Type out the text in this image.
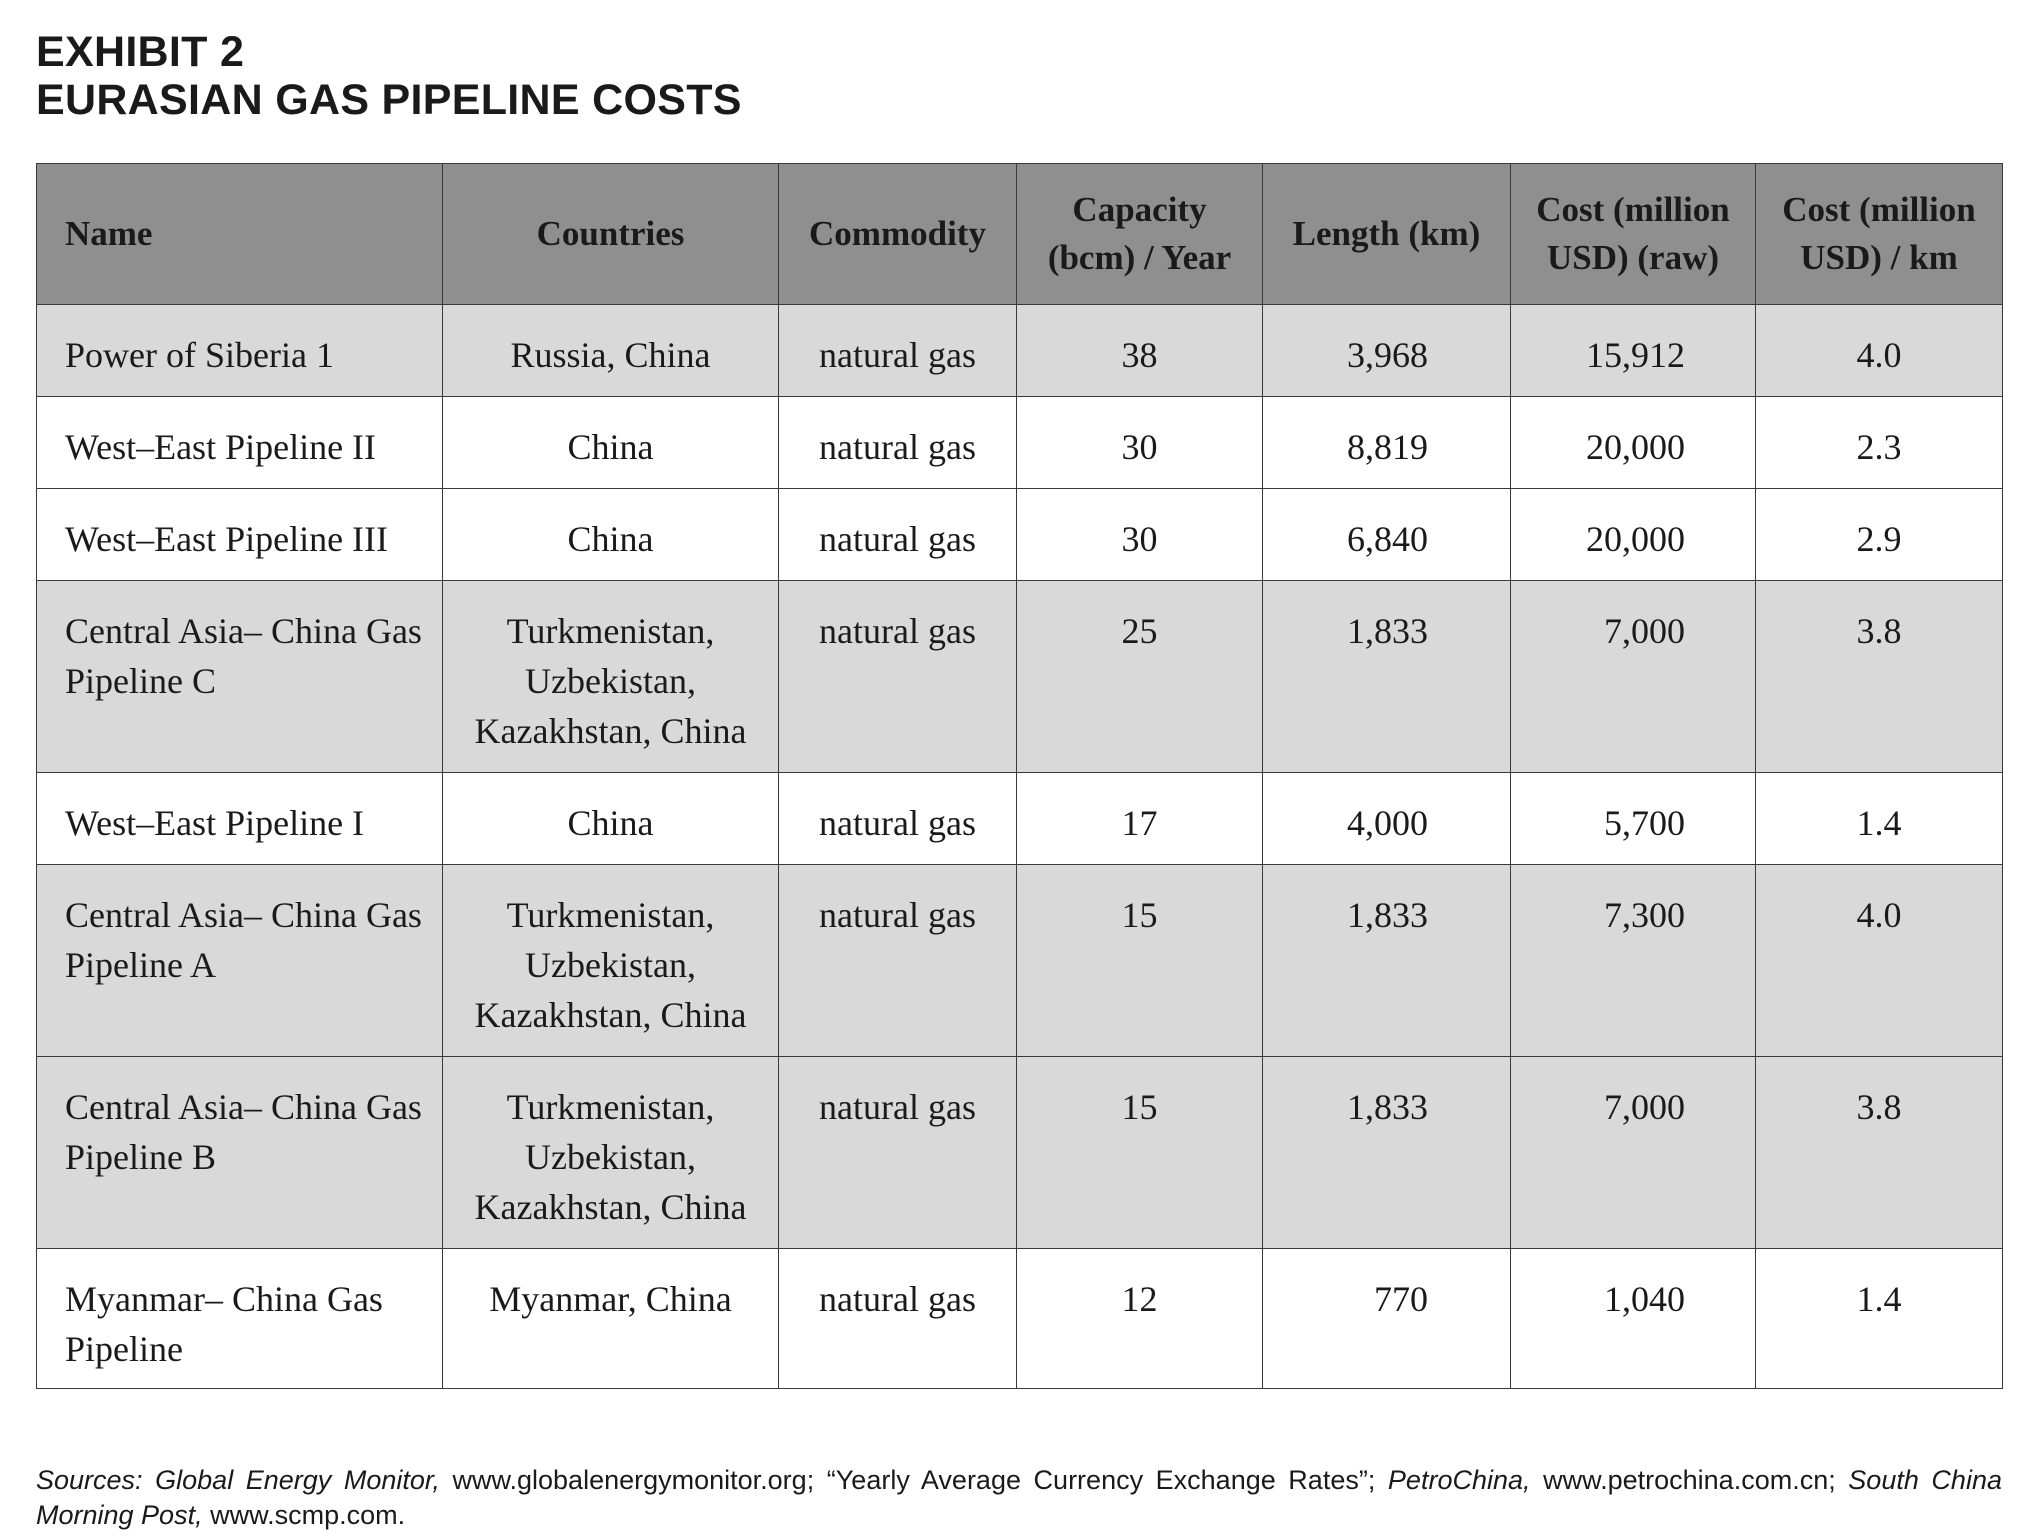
EXHIBIT 2
EURASIAN GAS PIPELINE COSTS
Name	Countries	Commodity	Capacity (bcm) / Year	Length (km)	Cost (million USD) (raw)	Cost (million USD) / km
Power of Siberia 1	Russia, China	natural gas	38	3,968	15,912	4.0
West–East Pipeline II	China	natural gas	30	8,819	20,000	2.3
West–East Pipeline III	China	natural gas	30	6,840	20,000	2.9
Central Asia– China Gas Pipeline C	Turkmenistan, Uzbekistan, Kazakhstan, China	natural gas	25	1,833	7,000	3.8
West–East Pipeline I	China	natural gas	17	4,000	5,700	1.4
Central Asia– China Gas Pipeline A	Turkmenistan, Uzbekistan, Kazakhstan, China	natural gas	15	1,833	7,300	4.0
Central Asia– China Gas Pipeline B	Turkmenistan, Uzbekistan, Kazakhstan, China	natural gas	15	1,833	7,000	3.8
Myanmar– China Gas Pipeline	Myanmar, China	natural gas	12	770	1,040	1.4

Sources: Global Energy Monitor, www.globalenergymonitor.org; “Yearly Average Currency Exchange Rates”; PetroChina, www.petrochina.com.cn; South China Morning Post, www.scmp.com.
